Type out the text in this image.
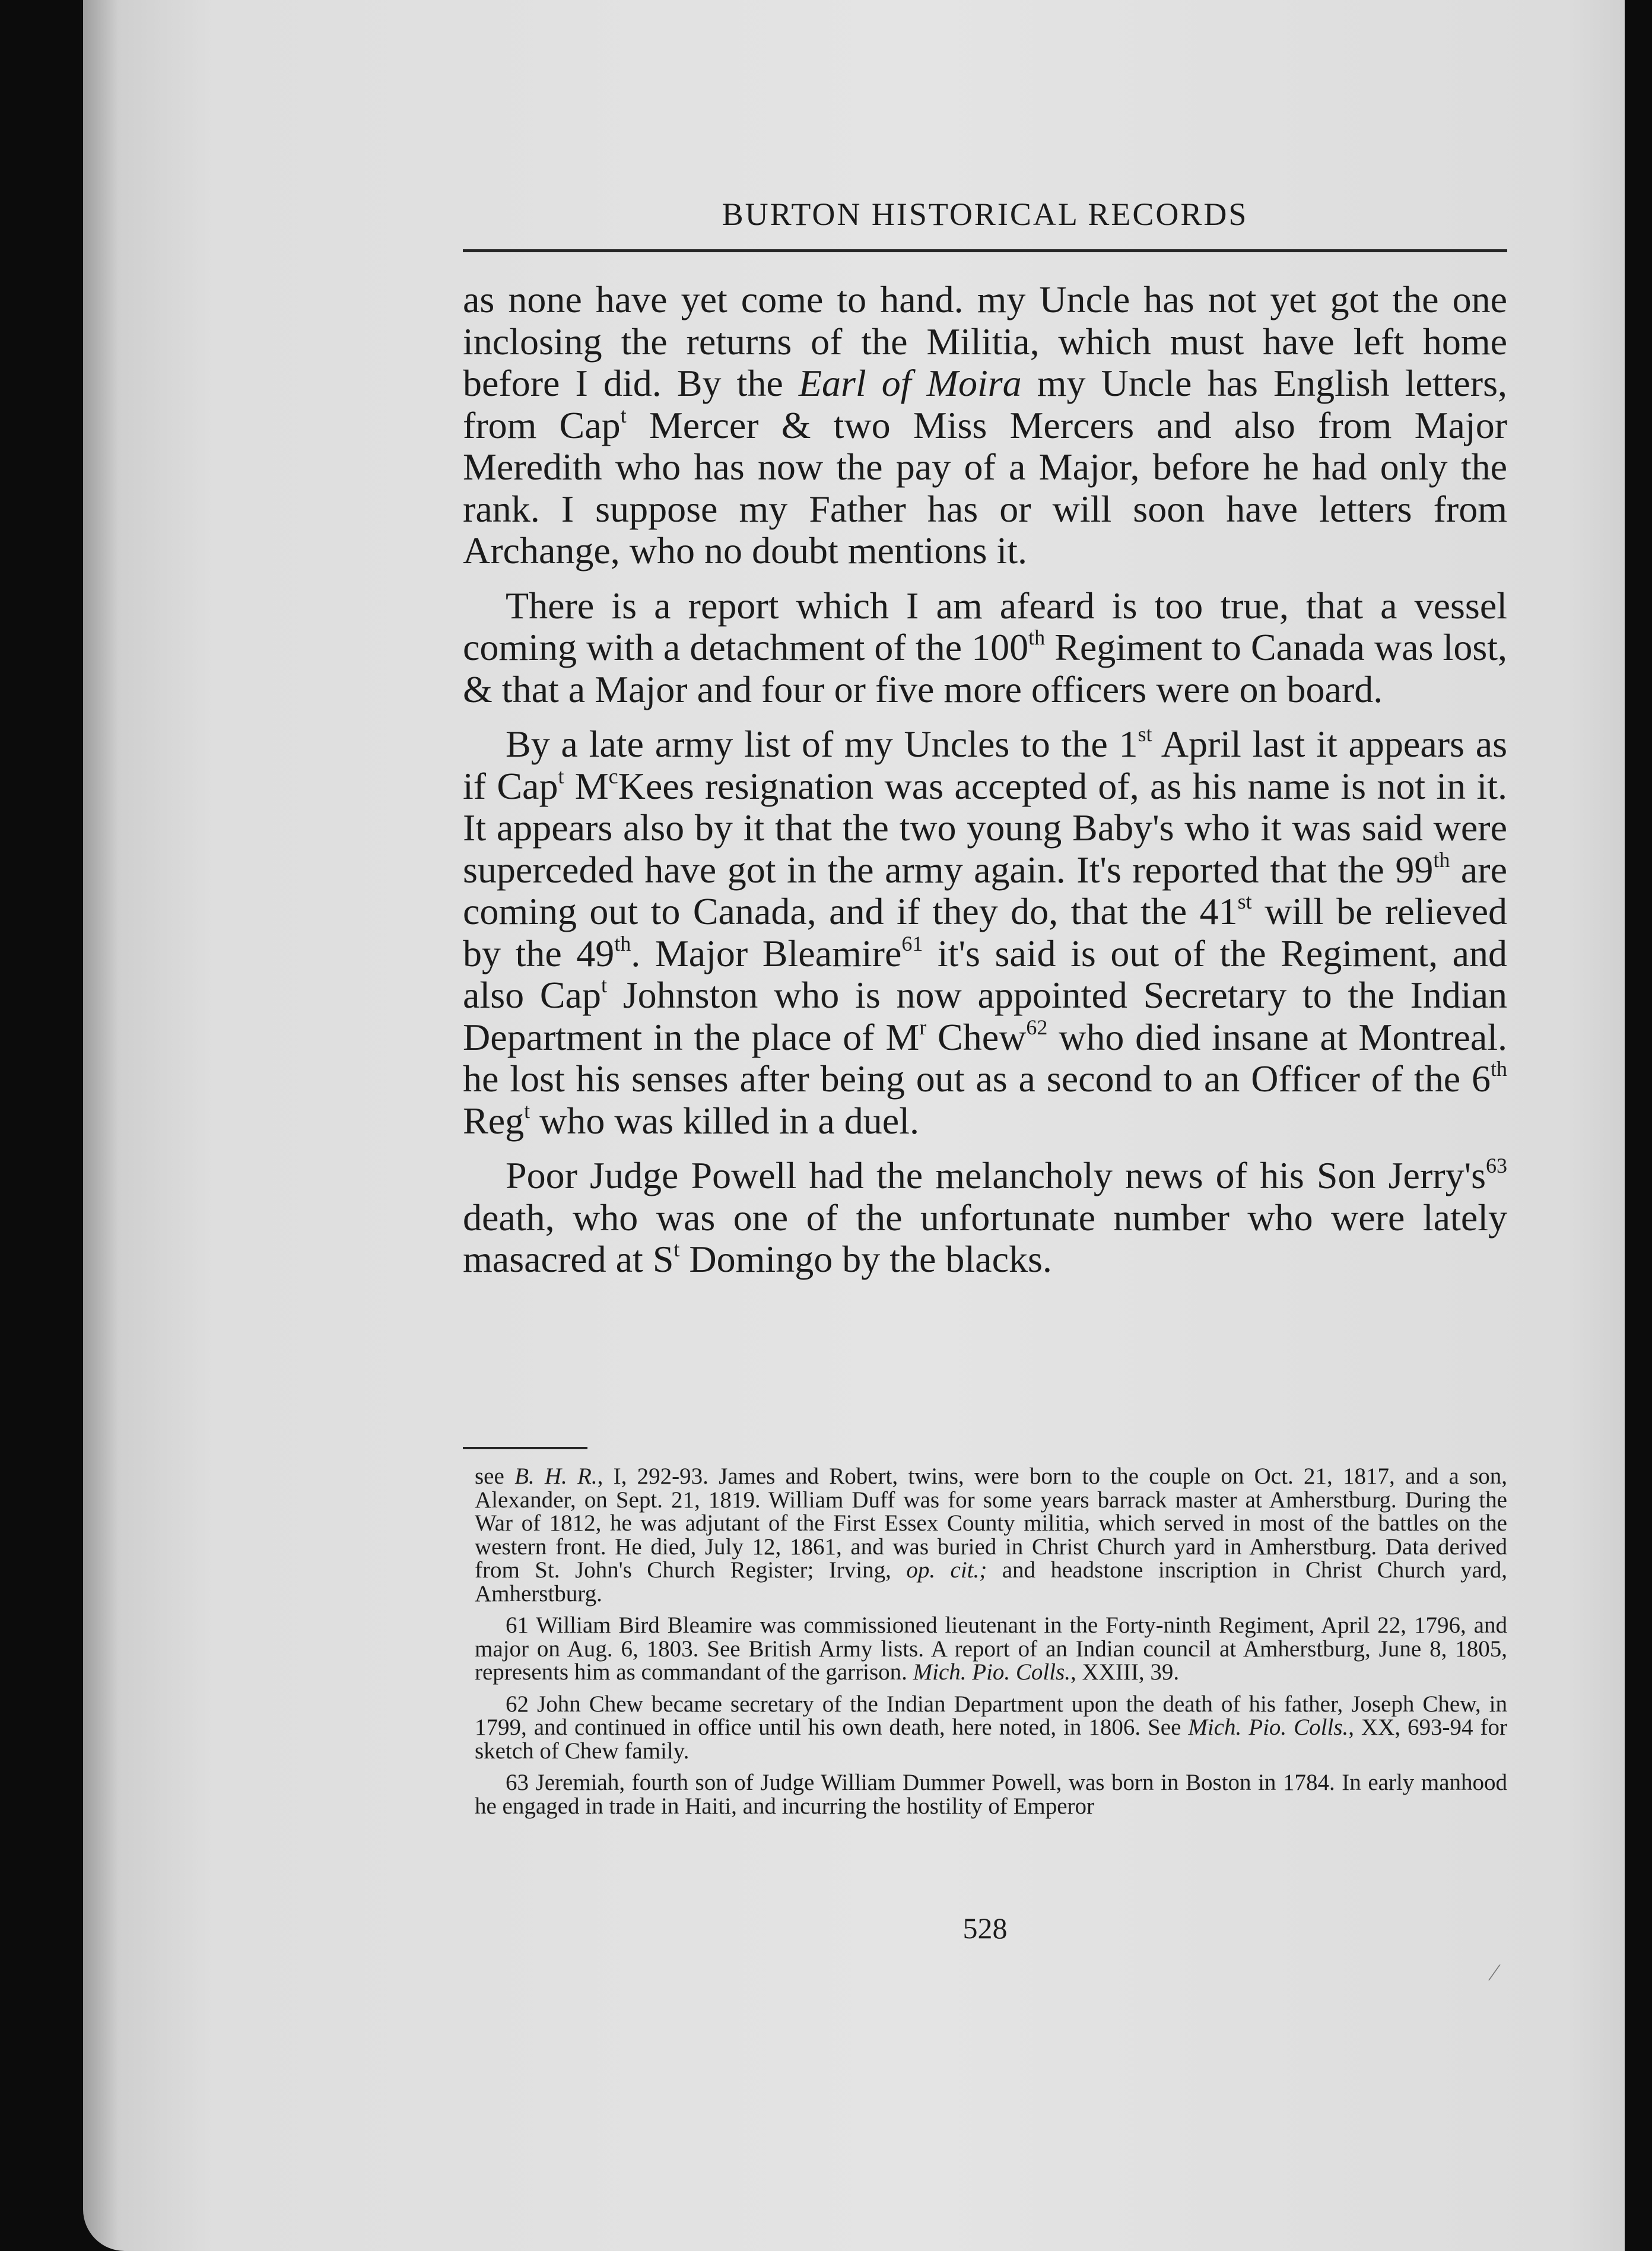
BURTON HISTORICAL RECORDS

as none have yet come to hand. my Uncle has not yet got the one inclosing the returns of the Militia, which must have left home before I did. By the Earl of Moira my Uncle has English letters, from Cap$^t$ Mercer & two Miss Mercers and also from Major Meredith who has now the pay of a Major, before he had only the rank. I suppose my Father has or will soon have letters from Archange, who no doubt mentions it.

There is a report which I am afeard is too true, that a vessel coming with a detachment of the 100th Regiment to Canada was lost, & that a Major and four or five more officers were on board.

By a late army list of my Uncles to the 1st April last it appears as if Cap$^t$ $M^cKees$ resignation was accepted of, as his name is not in it. It appears also by it that the two young Baby's who it was said were superceded have got in the army again. It's reported that the 99th are coming out to Canada, and if they do, that the 41st will be relieved by the 49th. Major Bleamire$^{61}$ it's said is out of the Regiment, and also Cap$^t$ Johnston who is now appointed Secretary to the Indian Department in the place of $M^r$ Chew$^{62}$ who died insane at Montreal. he lost his senses after being out as a second to an Officer of the 6th Reg$^t$ who was killed in a duel.

Poor Judge Powell had the melancholy news of his Son $Jerry's^{63}$ death, who was one of the unfortunate number who were lately masacred at $S^t$ Domingo by the blacks.

see B. H. R., I, 292-93. James and Robert, twins, were born to the couple on Oct. 21, 1817, and a son, Alexander, on Sept. 21, 1819. William Duff was for some years barrack master at Amherstburg. During the War of 1812, he was adjutant of the First Essex County militia, which served in most of the battles on the western front. He died, July 12, 1861, and was buried in Christ Church yard in Amherstburg. Data derived from St. John's Church Register; Irving, op. cit.; and headstone inscription in Christ Church yard, Amherstburg.

61 William Bird Bleamire was commissioned lieutenant in the Forty-ninth Regiment, April 22, 1796, and major on Aug. 6, 1803. See British Army lists. A report of an Indian council at Amherstburg, June 8, 1805, represents him as commandant of the garrison. Mich. Pio. Colls., XXIII, 39.

62 John Chew became secretary of the Indian Department upon the death of his father, Joseph Chew, in 1799, and continued in office until his own death, here noted, in 1806. See Mich. Pio. Colls., XX, 693-94 for sketch of Chew family.

63 Jeremiah, fourth son of Judge William Dummer Powell, was born in Boston in 1784. In early manhood he engaged in trade in Haiti, and incurring the hostility of Emperor

528
⁄
